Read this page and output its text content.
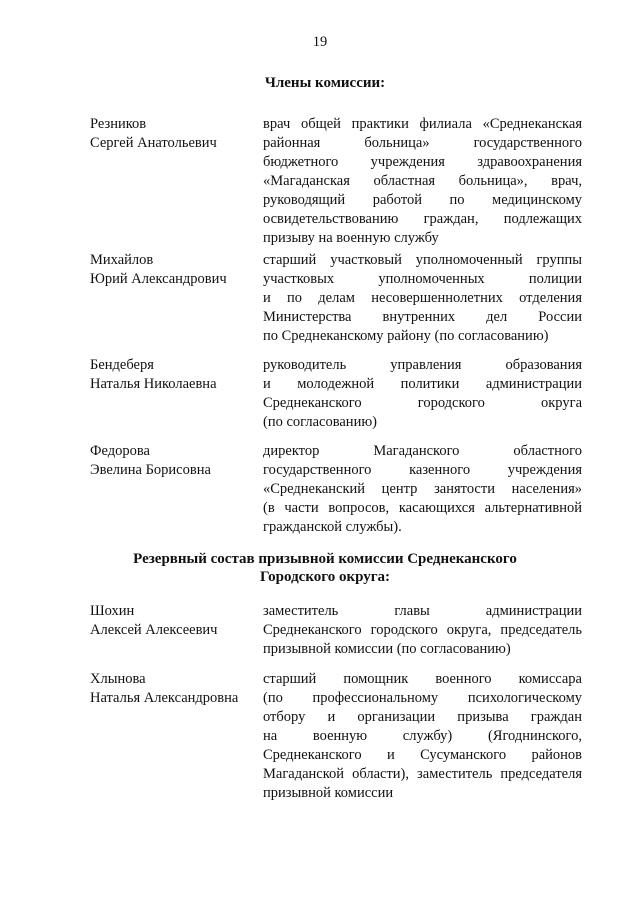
19
Члены комиссии:
Резников
Сергей Анатольевич
врач общей практики филиала «Среднеканская
районная больница» государственного
бюджетного учреждения здравоохранения
«Магаданская областная больница», врач,
руководящий работой по медицинскому
освидетельствованию граждан, подлежащих
призыву на военную службу
Михайлов
Юрий Александрович
старший участковый уполномоченный группы
участковых уполномоченных полиции
и по делам несовершеннолетних отделения
Министерства внутренних дел России
по Среднеканскому району (по согласованию)
Бендеберя
Наталья Николаевна
руководитель управления образования
и молодежной политики администрации
Среднеканского городского округа
(по согласованию)
Федорова
Эвелина Борисовна
директор Магаданского областного
государственного казенного учреждения
«Среднеканский центр занятости населения»
(в части вопросов, касающихся альтернативной
гражданской службы).
Резервный состав призывной комиссии Среднеканского
Городского округа:
Шохин
Алексей Алексеевич
заместитель главы администрации
Среднеканского городского округа, председатель
призывной комиссии (по согласованию)
Хлынова
Наталья Александровна
старший помощник военного комиссара
(по профессиональному психологическому
отбору и организации призыва граждан
на военную службу) (Ягоднинского,
Среднеканского и Сусуманского районов
Магаданской области), заместитель председателя
призывной комиссии
